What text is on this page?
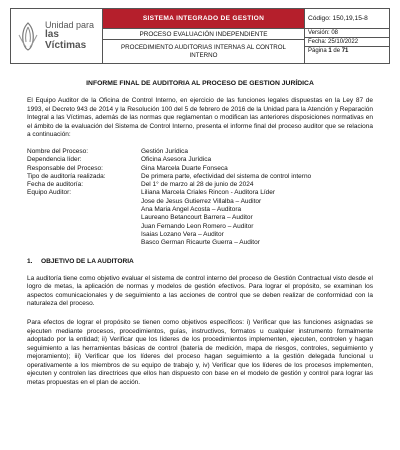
Unidad para
las Víctimas
SISTEMA INTEGRADO DE GESTION
PROCESO EVALUACIÓN INDEPENDIENTE
PROCEDIMIENTO AUDITORIAS INTERNAS AL CONTROL INTERNO
Código: 150,19,15-8
Versión: 08
Fecha: 25/10/2022
Página 1 de 71
INFORME FINAL DE AUDITORIA AL PROCESO DE GESTION JURÍDICA

El Equipo Auditor de la Oficina de Control Interno, en ejercicio de las funciones legales dispuestas en la Ley 87 de 1993, el Decreto 943 de 2014 y la Resolución 100 del 5 de febrero de 2016 de la Unidad para la Atención y Reparación Integral a las Víctimas, además de las normas que reglamentan o modifican las anteriores disposiciones normativas en el ámbito de la evaluación del Sistema de Control Interno, presenta el informe final del proceso auditor que se relaciona a continuación:

Nombre del Proceso:	Gestión Jurídica
Dependencia líder:	Oficina Asesora Jurídica
Responsable del Proceso:	Gina Marcela Duarte Fonseca
Tipo de auditoría realizada:	De primera parte, efectividad del sistema de control interno
Fecha de auditoría:	Del 1° de marzo al 28 de junio de 2024
Equipo Auditor:	Liliana Marcela Criales Rincon - Auditora Líder
Jose de Jesus Gutierrez Villalba – Auditor
Ana Maria Angel Acosta – Auditora
Laureano Betancourt Barrera – Auditor
Juan Fernando Leon Romero – Auditor
Isaias Lozano Vera – Auditor
Basco German Ricaurte Guerra – Auditor
1. OBJETIVO DE LA AUDITORIA

La auditoría tiene como objetivo evaluar el sistema de control interno del proceso de Gestión Contractual visto desde el logro de metas, la aplicación de normas y modelos de gestión efectivos. Para lograr el propósito, se examinan los aspectos comunicacionales y de seguimiento a las acciones de control que se deben realizar de conformidad con la naturaleza del proceso.

Para efectos de lograr el propósito se tienen como objetivos específicos: i) Verificar que las funciones asignadas se ejecuten mediante procesos, procedimientos, guías, instructivos, formatos u cualquier instrumento formalmente adoptado por la entidad; ii) Verificar que los líderes de los procedimientos implementen, ejecuten, controlen y hagan seguimiento a las herramientas básicas de control (batería de medición, mapa de riesgos, controles, seguimiento y mejoramiento); iii) Verificar que los líderes del proceso hagan seguimiento a la gestión delegada funcional u operativamente a los miembros de su equipo de trabajo y, iv) Verificar que los líderes de los procesos implementen, ejecuten y controlen las directrices que ellos han dispuesto con base en el modelo de gestión y control para lograr las metas propuestas en el plan de acción.
